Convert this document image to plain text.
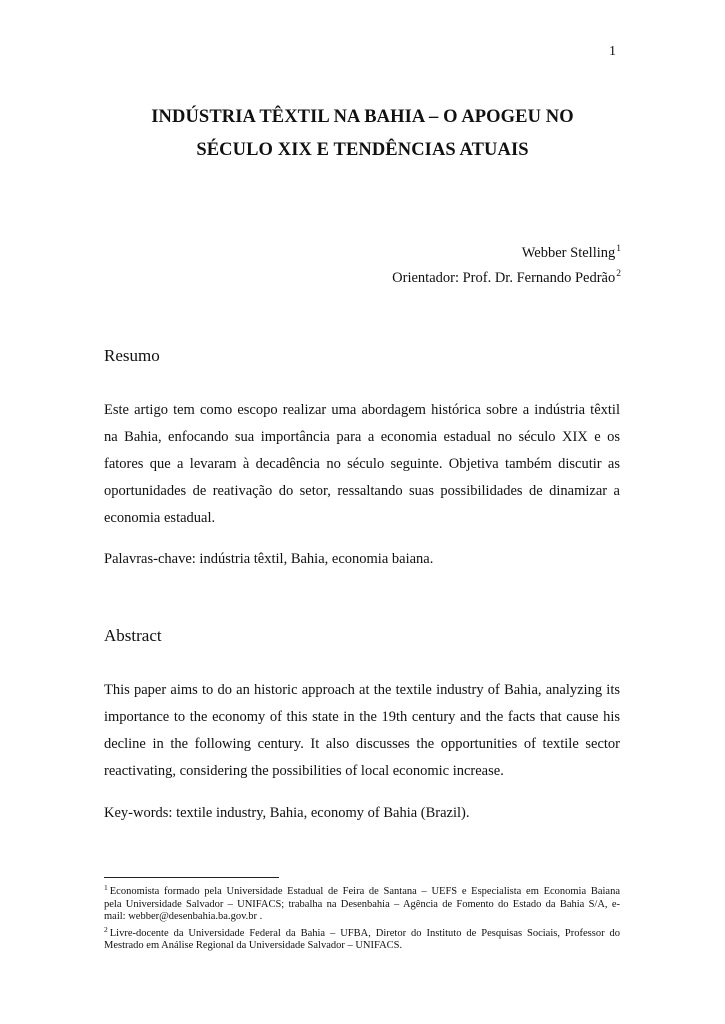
1
INDÚSTRIA TÊXTIL NA BAHIA – O APOGEU NO
SÉCULO XIX E TENDÊNCIAS ATUAIS
Webber Stelling$^1$
Orientador: Prof. Dr. Fernando Pedrão$^2$
Resumo
Este artigo tem como escopo realizar uma abordagem histórica sobre a indústria têxtil
na Bahia, enfocando sua importância para a economia estadual no século XIX e os
fatores que a levaram à decadência no século seguinte. Objetiva também discutir as
oportunidades de reativação do setor, ressaltando suas possibilidades de dinamizar a
economia estadual.
Palavras-chave: indústria têxtil, Bahia, economia baiana.
Abstract
This paper aims to do an historic approach at the textile industry of Bahia, analyzing its
importance to the economy of this state in the 19th century and the facts that cause his
decline in the following century. It also discusses the opportunities of textile sector
reactivating, considering the possibilities of local economic increase.
Key-words: textile industry, Bahia, economy of Bahia (Brazil).
$^1$ Economista formado pela Universidade Estadual de Feira de Santana – UEFS e Especialista em Economia Baiana
pela Universidade Salvador – UNIFACS; trabalha na Desenbahia – Agência de Fomento do Estado da Bahia S/A, e-
mail: webber@desenbahia.ba.gov.br .
$^2$ Livre-docente da Universidade Federal da Bahia – UFBA, Diretor do Instituto de Pesquisas Sociais, Professor do
Mestrado em Análise Regional da Universidade Salvador – UNIFACS.
